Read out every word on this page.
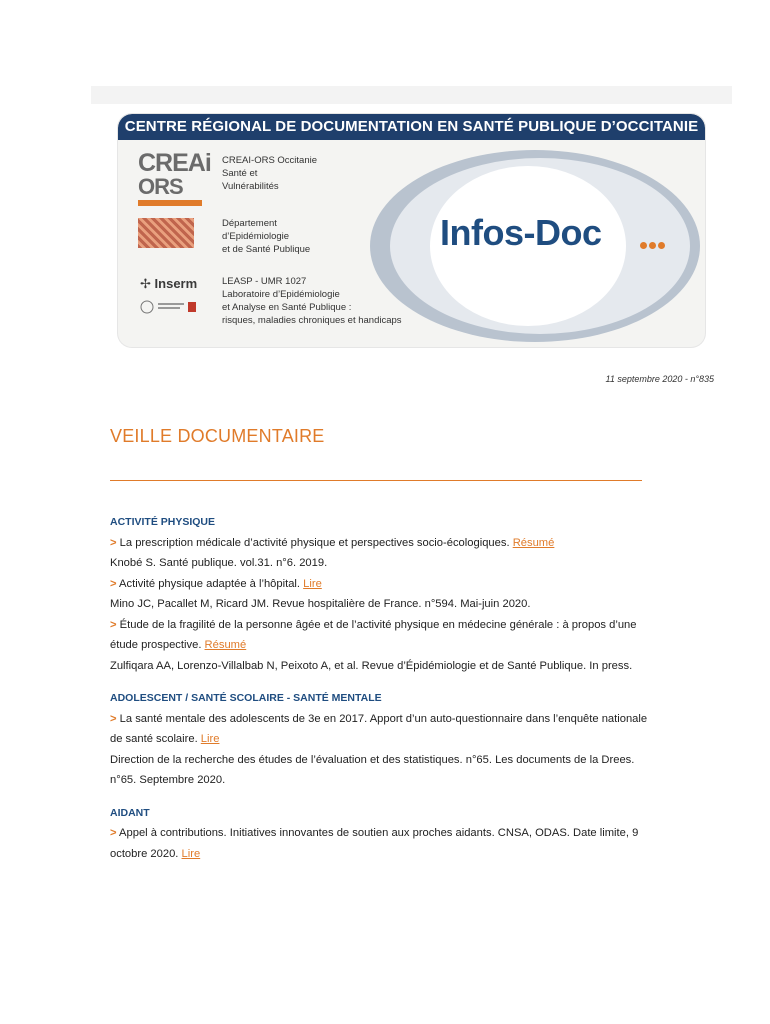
CENTRE RÉGIONAL DE DOCUMENTATION EN SANTÉ PUBLIQUE D’OCCITANIE
CREAi
ORS
CREAI-ORS Occitanie
Santé et
Vulnérabilités
Département
d’Epidémiologie
et de Santé Publique
✢ Inserm	LEASP - UMR 1027
Laboratoire d’Epidémiologie
et Analyse en Santé Publique :
risques, maladies chroniques et handicaps
Infos-Doc
11 septembre 2020 - n°835
VEILLE DOCUMENTAIRE
ACTIVITÉ PHYSIQUE
> La prescription médicale d’activité physique et perspectives socio-écologiques. Résumé
Knobé S. Santé publique. vol.31. n°6. 2019.
> Activité physique adaptée à l’hôpital. Lire
Mino JC, Pacallet M, Ricard JM. Revue hospitalière de France. n°594. Mai-juin 2020.
> Étude de la fragilité de la personne âgée et de l’activité physique en médecine générale : à propos d’une
étude prospective. Résumé
Zulfiqara AA, Lorenzo-Villalbab N, Peixoto A, et al. Revue d’Épidémiologie et de Santé Publique. In press.
ADOLESCENT / SANTÉ SCOLAIRE - SANTÉ MENTALE
> La santé mentale des adolescents de 3e en 2017. Apport d’un auto-questionnaire dans l’enquête nationale
de santé scolaire. Lire
Direction de la recherche des études de l’évaluation et des statistiques. n°65. Les documents de la Drees.
n°65. Septembre 2020.
AIDANT
> Appel à contributions. Initiatives innovantes de soutien aux proches aidants. CNSA, ODAS. Date limite, 9
octobre 2020. Lire
